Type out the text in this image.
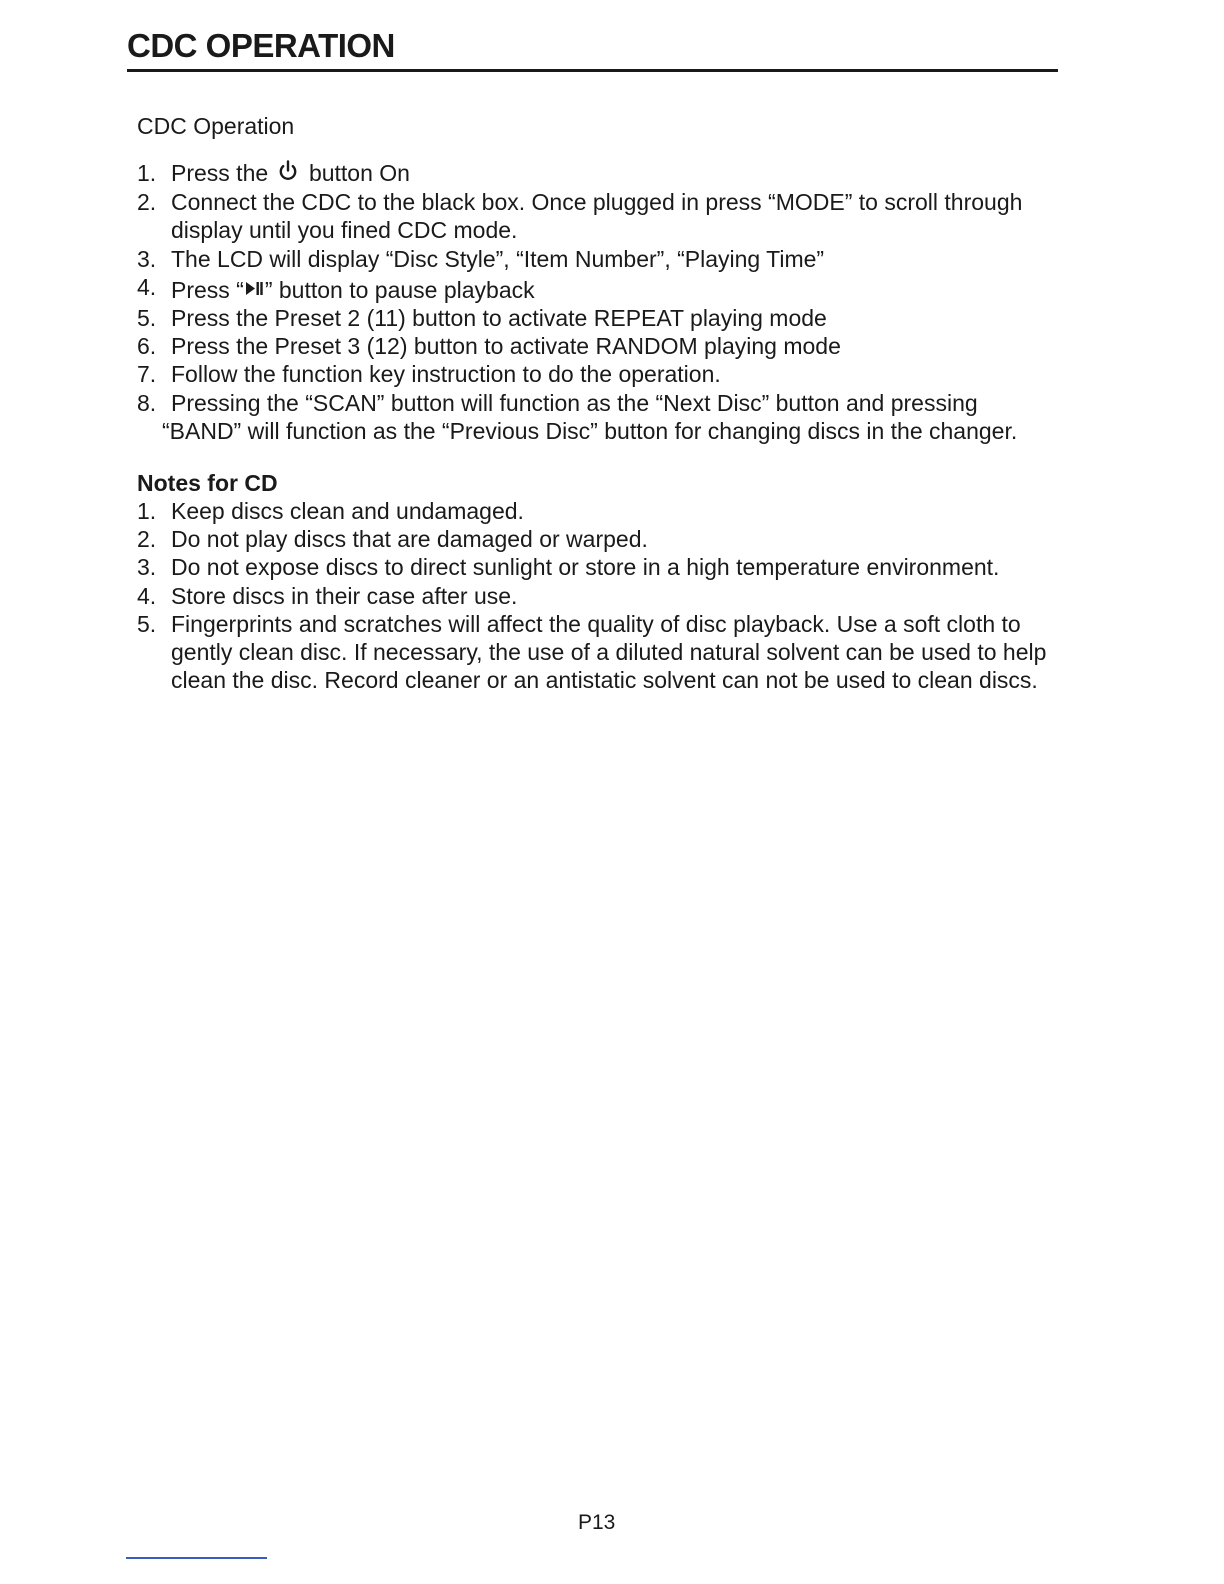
CDC OPERATION
CDC Operation
1. Press the button On
2. Connect the CDC to the black box. Once plugged in press “MODE” to scroll through display until you fined CDC mode.
3. The LCD will display “Disc Style”, “Item Number”, “Playing Time”
4. Press “ ” button to pause playback
5. Press the Preset 2 (11) button to activate REPEAT playing mode
6. Press the Preset 3 (12) button to activate RANDOM playing mode
7. Follow the function key instruction to do the operation.
8. Pressing the “SCAN” button will function as the “Next Disc” button and pressing
“BAND” will function as the “Previous Disc” button for changing discs in the changer.
Notes for CD
1. Keep discs clean and undamaged.
2. Do not play discs that are damaged or warped.
3. Do not expose discs to direct sunlight or store in a high temperature environment.
4. Store discs in their case after use.
5. Fingerprints and scratches will affect the quality of disc playback. Use a soft cloth to gently clean disc. If necessary, the use of a diluted natural solvent can be used to help clean the disc. Record cleaner or an antistatic solvent can not be used to clean discs.
P13
